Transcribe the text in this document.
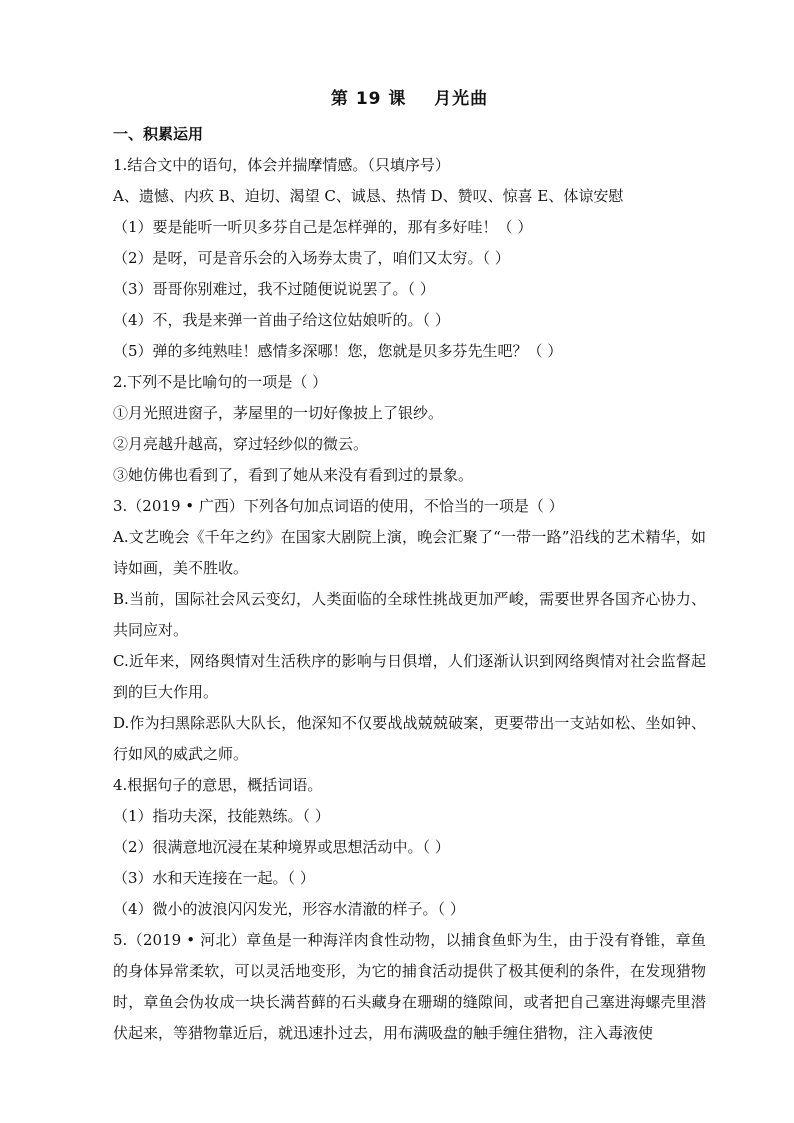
第 19 课    月光曲
一、积累运用

1.结合文中的语句，体会并揣摩情感。（只填序号）

A、遗憾、内疚 B、迫切、渴望 C、诚恳、热情 D、赞叹、惊喜 E、体谅安慰

（1）要是能听一听贝多芬自己是怎样弹的，那有多好哇！（ ）

（2）是呀，可是音乐会的入场券太贵了，咱们又太穷。（ ）

（3）哥哥你别难过，我不过随便说说罢了。（ ）

（4）不，我是来弹一首曲子给这位姑娘听的。（ ）

（5）弹的多纯熟哇！感情多深哪！您，您就是贝多芬先生吧？（ ）

2.下列不是比喻句的一项是（ ）

①月光照进窗子，茅屋里的一切好像披上了银纱。

②月亮越升越高，穿过轻纱似的微云。

③她仿佛也看到了，看到了她从来没有看到过的景象。

3.（2019 • 广西）下列各句加点词语的使用，不恰当的一项是（ ）

A.文艺晚会《千年之约》在国家大剧院上演，晚会汇聚了“一带一路”沿线的艺术精华，如诗如画，美不胜收。

B.当前，国际社会风云变幻，人类面临的全球性挑战更加严峻，需要世界各国齐心协力、共同应对。

C.近年来，网络舆情对生活秩序的影响与日俱增，人们逐渐认识到网络舆情对社会监督起到的巨大作用。

D.作为扫黑除恶队大队长，他深知不仅要战战兢兢破案，更要带出一支站如松、坐如钟、行如风的威武之师。

4.根据句子的意思，概括词语。

（1）指功夫深，技能熟练。（ ）

（2）很满意地沉浸在某种境界或思想活动中。（ ）

（3）水和天连接在一起。（ ）

（4）微小的波浪闪闪发光，形容水清澈的样子。（ ）

5.（2019 • 河北）章鱼是一种海洋肉食性动物，以捕食鱼虾为生，由于没有脊锥，章鱼的身体异常柔软，可以灵活地变形，为它的捕食活动提供了极其便利的条件，在发现猎物时，章鱼会伪妆成一块长满苔藓的石头藏身在珊瑚的缝隙间，或者把自己塞进海螺壳里潜伏起来，等猎物靠近后，就迅速扑过去，用布满吸盘的触手缠住猎物，注入毒液使
